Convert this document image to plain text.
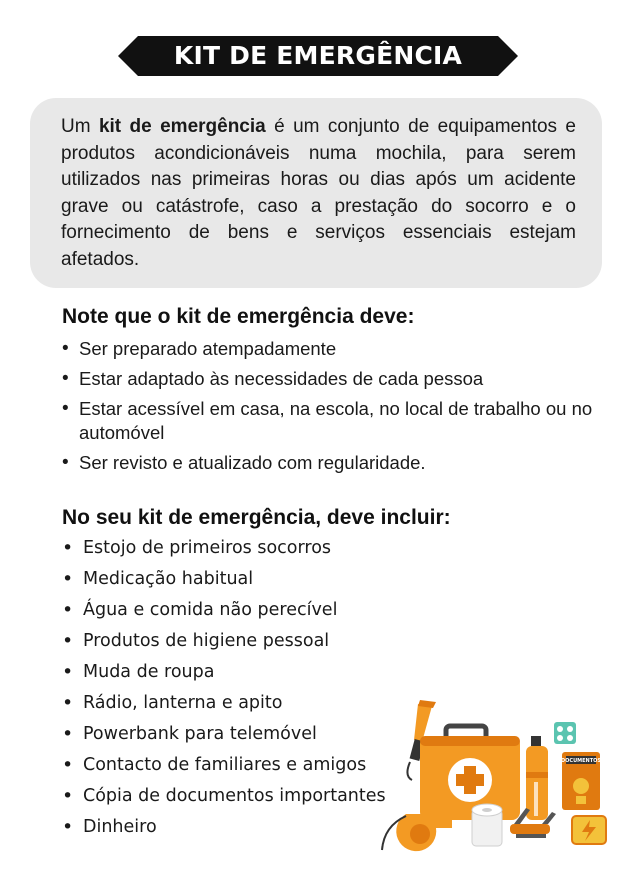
KIT DE EMERGÊNCIA

Um kit de emergência é um conjunto de equipamentos e produtos acondicionáveis numa mochila, para serem utilizados nas primeiras horas ou dias após um acidente grave ou catástrofe, caso a prestação do socorro e o fornecimento de bens e serviços essenciais estejam afetados.

Note que o kit de emergência deve:
• Ser preparado atempadamente
• Estar adaptado às necessidades de cada pessoa
• Estar acessível em casa, na escola, no local de trabalho ou no automóvel
• Ser revisto e atualizado com regularidade.
No seu kit de emergência, deve incluir:
• Estojo de primeiros socorros
• Medicação habitual
• Água e comida não perecível
• Produtos de higiene pessoal
• Muda de roupa
• Rádio, lanterna e apito
• Powerbank para telemóvel
• Contacto de familiares e amigos
• Cópia de documentos importantes
• Dinheiro
DOCUMENTOS
